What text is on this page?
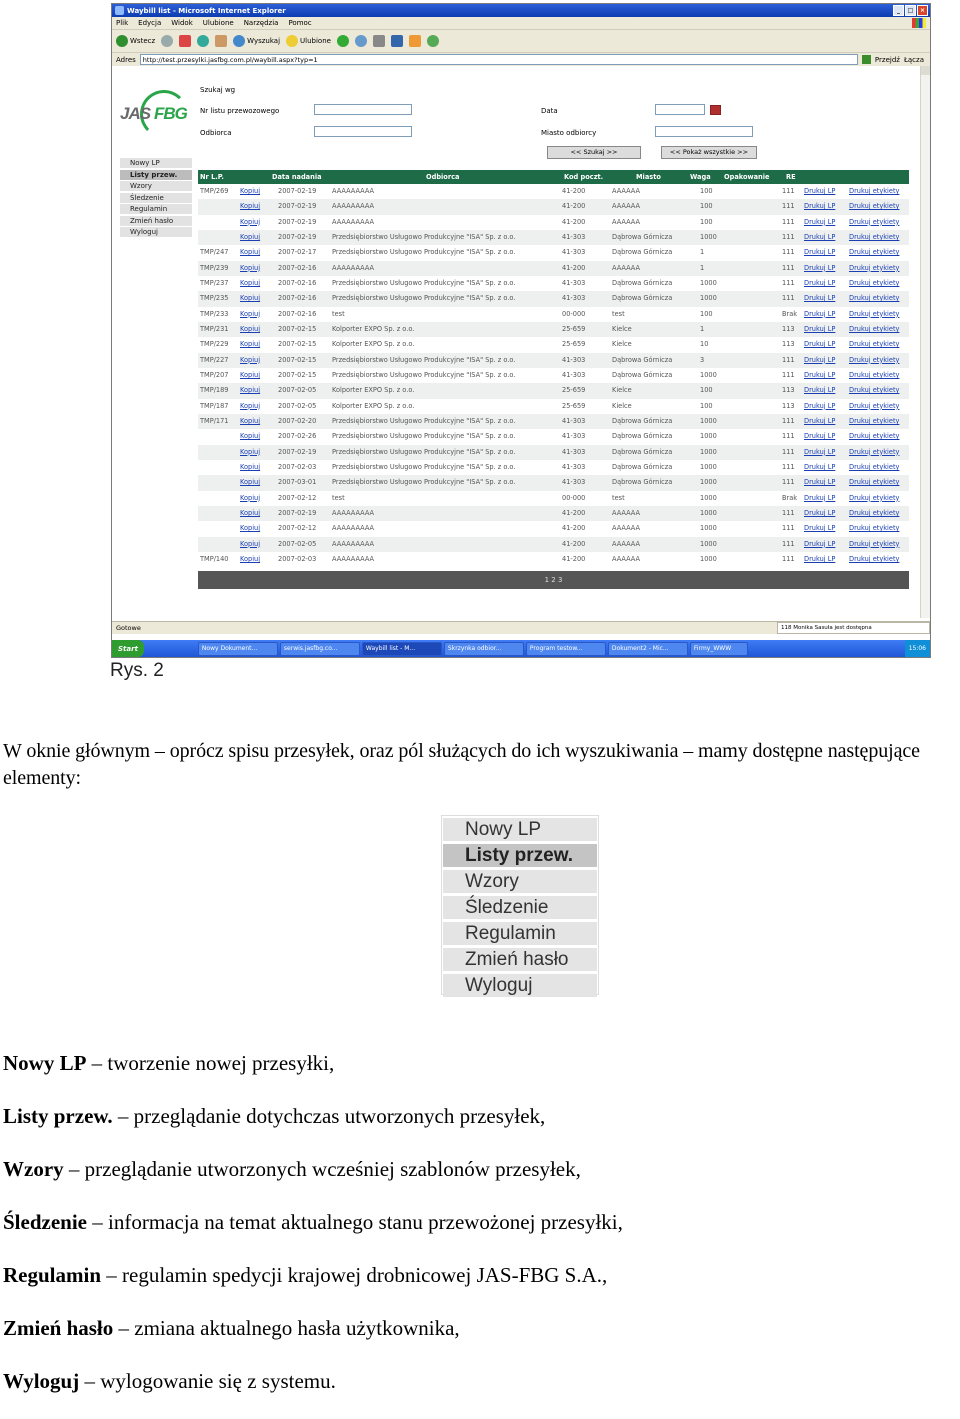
Waybill list - Microsoft Internet Explorer	_	□	×
Plik Edycja Widok Ulubione Narzędzia Pomoc
Wstecz	Wyszukaj	Ulubione
Adres http://test.przesylki.jasfbg.com.pl/waybill.aspx?typ=1	Przejdź Łącza
JAS FBG
Szukaj wg
Nr listu przewozowego
Odbiorca
Data
Miasto odbiorcy
<< Szukaj >>	<< Pokaż wszystkie >>
Nowy LP
Listy przew.
Wzory
Śledzenie
Regulamin
Zmień hasło
Wyloguj
Nr L.P.	Data nadania	Odbiorca	Kod poczt.	Miasto	Waga Opakowanie	RE
TMP/269 Kopiuj	2007-02-19 AAAAAAAAA	41-200	AAAAAA	100	111 Drukuj LP Drukuj etykiety
Kopiuj	2007-02-19 AAAAAAAAA	41-200	AAAAAA	100	111 Drukuj LP Drukuj etykiety
Kopiuj	2007-02-19 AAAAAAAAA	41-200	AAAAAA	100	111 Drukuj LP Drukuj etykiety
Kopiuj	2007-02-19 Przedsiębiorstwo Usługowo Produkcyjne "ISA" Sp. z o.o.	41-303	Dąbrowa Górnicza	1000	111 Drukuj LP Drukuj etykiety
TMP/247 Kopiuj	2007-02-17 Przedsiębiorstwo Usługowo Produkcyjne "ISA" Sp. z o.o.	41-303	Dąbrowa Górnicza	1	111 Drukuj LP Drukuj etykiety
TMP/239 Kopiuj	2007-02-16 AAAAAAAAA	41-200	AAAAAA	1	111 Drukuj LP Drukuj etykiety
TMP/237 Kopiuj	2007-02-16 Przedsiębiorstwo Usługowo Produkcyjne "ISA" Sp. z o.o.	41-303	Dąbrowa Górnicza	1000	111 Drukuj LP Drukuj etykiety
TMP/235 Kopiuj	2007-02-16 Przedsiębiorstwo Usługowo Produkcyjne "ISA" Sp. z o.o.	41-303	Dąbrowa Górnicza	1000	111 Drukuj LP Drukuj etykiety
TMP/233 Kopiuj	2007-02-16 test	00-000	test	100	Brak Drukuj LP Drukuj etykiety
TMP/231 Kopiuj	2007-02-15 Kolporter EXPO Sp. z o.o.	25-659	Kielce	1	113 Drukuj LP Drukuj etykiety
TMP/229 Kopiuj	2007-02-15 Kolporter EXPO Sp. z o.o.	25-659	Kielce	10	113 Drukuj LP Drukuj etykiety
TMP/227 Kopiuj	2007-02-15 Przedsiębiorstwo Usługowo Produkcyjne "ISA" Sp. z o.o.	41-303	Dąbrowa Górnicza	3	111 Drukuj LP Drukuj etykiety
TMP/207 Kopiuj	2007-02-15 Przedsiębiorstwo Usługowo Produkcyjne "ISA" Sp. z o.o.	41-303	Dąbrowa Górnicza	1000	111 Drukuj LP Drukuj etykiety
TMP/189 Kopiuj	2007-02-05 Kolporter EXPO Sp. z o.o.	25-659	Kielce	100	113 Drukuj LP Drukuj etykiety
TMP/187 Kopiuj	2007-02-05 Kolporter EXPO Sp. z o.o.	25-659	Kielce	100	113 Drukuj LP Drukuj etykiety
TMP/171 Kopiuj	2007-02-20 Przedsiębiorstwo Usługowo Produkcyjne "ISA" Sp. z o.o.	41-303	Dąbrowa Górnicza	1000	111 Drukuj LP Drukuj etykiety
Kopiuj	2007-02-26 Przedsiębiorstwo Usługowo Produkcyjne "ISA" Sp. z o.o.	41-303	Dąbrowa Górnicza	1000	111 Drukuj LP Drukuj etykiety
Kopiuj	2007-02-19 Przedsiębiorstwo Usługowo Produkcyjne "ISA" Sp. z o.o.	41-303	Dąbrowa Górnicza	1000	111 Drukuj LP Drukuj etykiety
Kopiuj	2007-02-03 Przedsiębiorstwo Usługowo Produkcyjne "ISA" Sp. z o.o.	41-303	Dąbrowa Górnicza	1000	111 Drukuj LP Drukuj etykiety
Kopiuj	2007-03-01 Przedsiębiorstwo Usługowo Produkcyjne "ISA" Sp. z o.o.	41-303	Dąbrowa Górnicza	1000	111 Drukuj LP Drukuj etykiety
Kopiuj	2007-02-12 test	00-000	test	1000	Brak Drukuj LP Drukuj etykiety
Kopiuj	2007-02-19 AAAAAAAAA	41-200	AAAAAA	1000	111 Drukuj LP Drukuj etykiety
Kopiuj	2007-02-12 AAAAAAAAA	41-200	AAAAAA	1000	111 Drukuj LP Drukuj etykiety
Kopiuj	2007-02-05 AAAAAAAAA	41-200	AAAAAA	1000	111 Drukuj LP Drukuj etykiety
TMP/140 Kopiuj	2007-02-03 AAAAAAAAA	41-200	AAAAAA	1000	111 Drukuj LP Drukuj etykiety
1 2 3
Gotowe	118 Monika Sasuła jest dostępna
Start	Nowy Dokument...	serwis.jasfbg.co...	Waybill list - M...	Skrzynka odbior...	Program testow...	Dokument2 - Mic...	Firmy_WWW	15:06
Rys. 2
W oknie głównym – oprócz spisu przesyłek, oraz pól służących do ich wyszukiwania – mamy dostępne następujące elementy:
Nowy LP
Listy przew.
Wzory
Śledzenie
Regulamin
Zmień hasło
Wyloguj
Nowy LP – tworzenie nowej przesyłki,
Listy przew. – przeglądanie dotychczas utworzonych przesyłek,
Wzory – przeglądanie utworzonych wcześniej szablonów przesyłek,
Śledzenie – informacja na temat aktualnego stanu przewożonej przesyłki,
Regulamin – regulamin spedycji krajowej drobnicowej JAS-FBG S.A.,
Zmień hasło – zmiana aktualnego hasła użytkownika,
Wyloguj – wylogowanie się z systemu.
